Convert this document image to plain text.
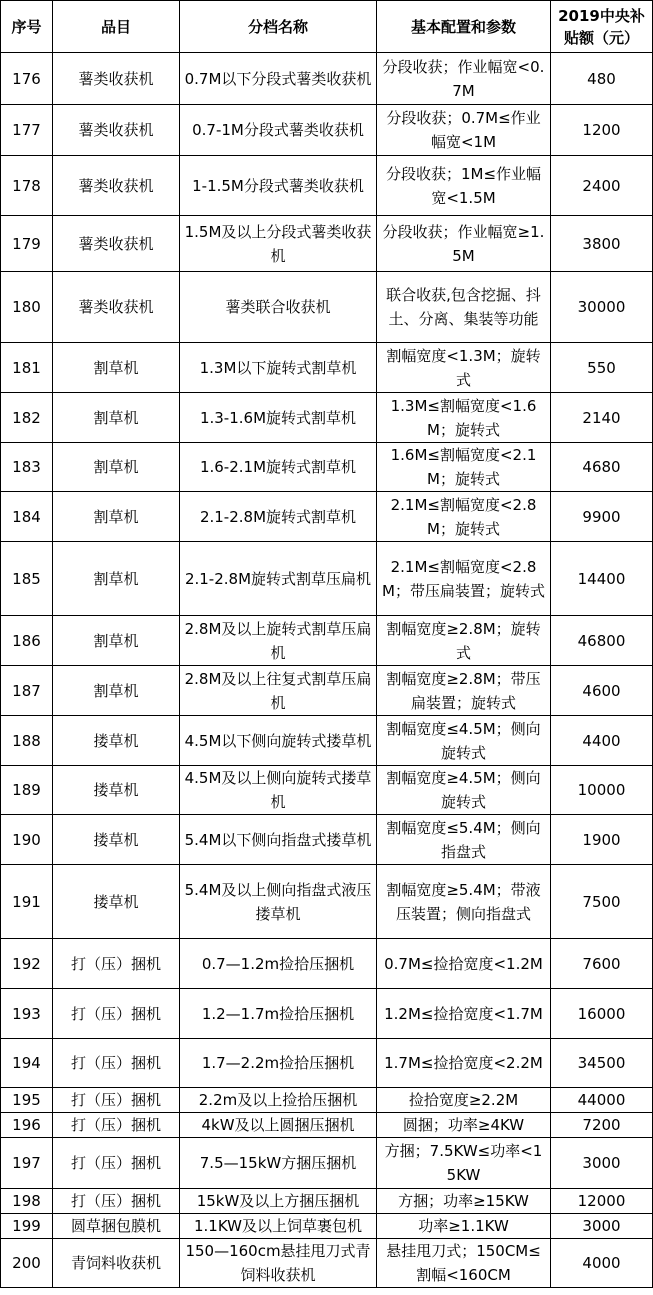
序号	品目	分档名称	基本配置和参数	2019中央补贴额（元）
176	薯类收获机	0.7M以下分段式薯类收获机	分段收获；作业幅宽<0.7M	480
177	薯类收获机	0.7-1M分段式薯类收获机	分段收获；0.7M≤作业幅宽<1M	1200
178	薯类收获机	1-1.5M分段式薯类收获机	分段收获；1M≤作业幅宽<1.5M	2400
179	薯类收获机	1.5M及以上分段式薯类收获机	分段收获；作业幅宽≥1.5M	3800
180	薯类收获机	薯类联合收获机	联合收获,包含挖掘、抖土、分离、集装等功能	30000
181	割草机	1.3M以下旋转式割草机	割幅宽度<1.3M；旋转式	550
182	割草机	1.3-1.6M旋转式割草机	1.3M≤割幅宽度<1.6M；旋转式	2140
183	割草机	1.6-2.1M旋转式割草机	1.6M≤割幅宽度<2.1M；旋转式	4680
184	割草机	2.1-2.8M旋转式割草机	2.1M≤割幅宽度<2.8M；旋转式	9900
185	割草机	2.1-2.8M旋转式割草压扁机	2.1M≤割幅宽度<2.8M；带压扁装置；旋转式	14400
186	割草机	2.8M及以上旋转式割草压扁机	割幅宽度≥2.8M；旋转式	46800
187	割草机	2.8M及以上往复式割草压扁机	割幅宽度≥2.8M；带压扁装置；旋转式	4600
188	搂草机	4.5M以下侧向旋转式搂草机	割幅宽度≤4.5M；侧向旋转式	4400
189	搂草机	4.5M及以上侧向旋转式搂草机	割幅宽度≥4.5M；侧向旋转式	10000
190	搂草机	5.4M以下侧向指盘式搂草机	割幅宽度≤5.4M；侧向指盘式	1900
191	搂草机	5.4M及以上侧向指盘式液压搂草机	割幅宽度≥5.4M；带液压装置；侧向指盘式	7500
192	打（压）捆机	0.7—1.2m捡拾压捆机	0.7M≤捡拾宽度<1.2M	7600
193	打（压）捆机	1.2—1.7m捡拾压捆机	1.2M≤捡拾宽度<1.7M	16000
194	打（压）捆机	1.7—2.2m捡拾压捆机	1.7M≤捡拾宽度<2.2M	34500
195	打（压）捆机	2.2m及以上捡拾压捆机	捡拾宽度≥2.2M	44000
196	打（压）捆机	4kW及以上圆捆压捆机	圆捆；功率≥4KW	7200
197	打（压）捆机	7.5—15kW方捆压捆机	方捆；7.5KW≤功率<15KW	3000
198	打（压）捆机	15kW及以上方捆压捆机	方捆；功率≥15KW	12000
199	圆草捆包膜机	1.1KW及以上饲草裹包机	功率≥1.1KW	3000
200	青饲料收获机	150—160cm悬挂甩刀式青饲料收获机	悬挂甩刀式；150CM≤割幅<160CM	4000
